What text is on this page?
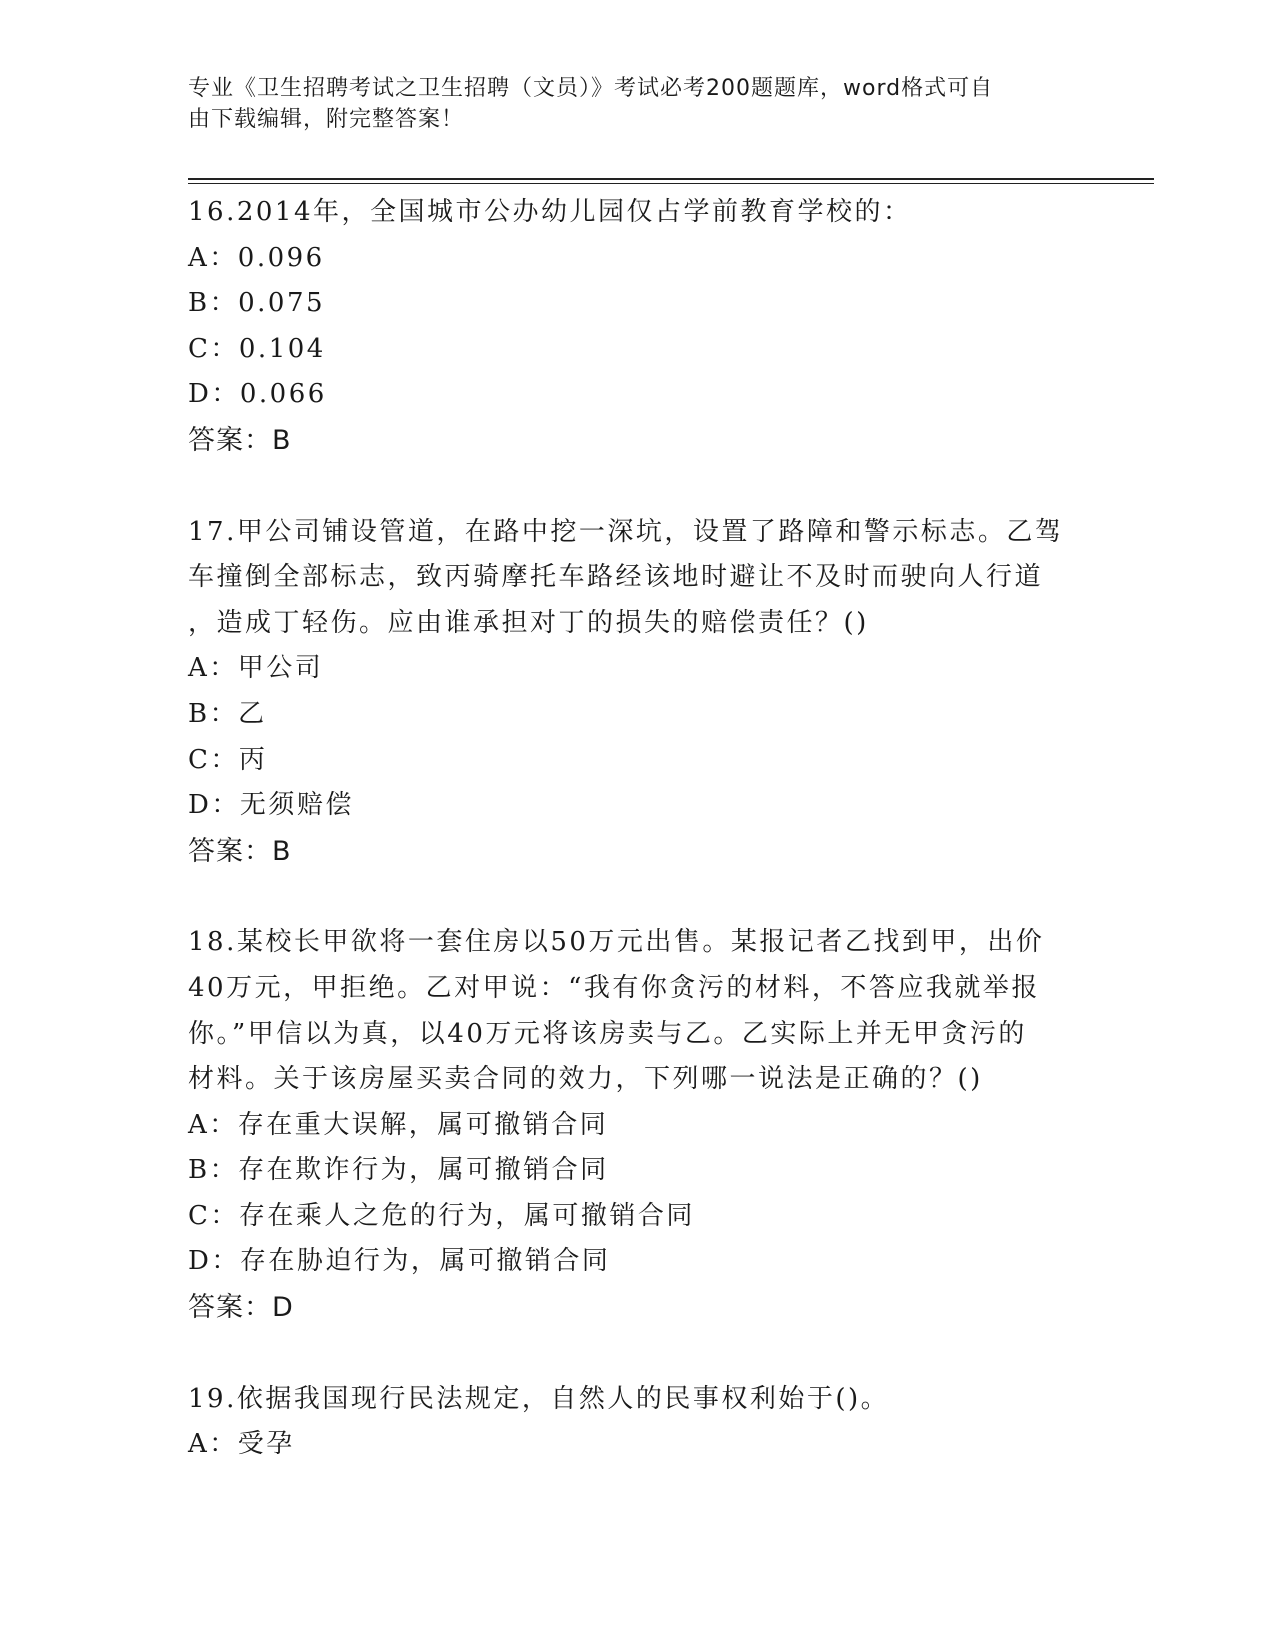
专业《卫生招聘考试之卫生招聘（文员）》考试必考200题题库，word格式可自
由下载编辑，附完整答案！

16.2014年，全国城市公办幼儿园仅占学前教育学校的：

A：0.096

B：0.075

C：0.104

D：0.066

答案：B

17.甲公司铺设管道，在路中挖一深坑，设置了路障和警示标志。乙驾

车撞倒全部标志，致丙骑摩托车路经该地时避让不及时而驶向人行道

，造成丁轻伤。应由谁承担对丁的损失的赔偿责任？()

A：甲公司

B：乙

C：丙

D：无须赔偿

答案：B

18.某校长甲欲将一套住房以50万元出售。某报记者乙找到甲，出价

40万元，甲拒绝。乙对甲说：“我有你贪污的材料，不答应我就举报

你。”甲信以为真，以40万元将该房卖与乙。乙实际上并无甲贪污的

材料。关于该房屋买卖合同的效力，下列哪一说法是正确的？()

A：存在重大误解，属可撤销合同

B：存在欺诈行为，属可撤销合同

C：存在乘人之危的行为，属可撤销合同

D：存在胁迫行为，属可撤销合同

答案：D

19.依据我国现行民法规定，自然人的民事权利始于()。

A：受孕
